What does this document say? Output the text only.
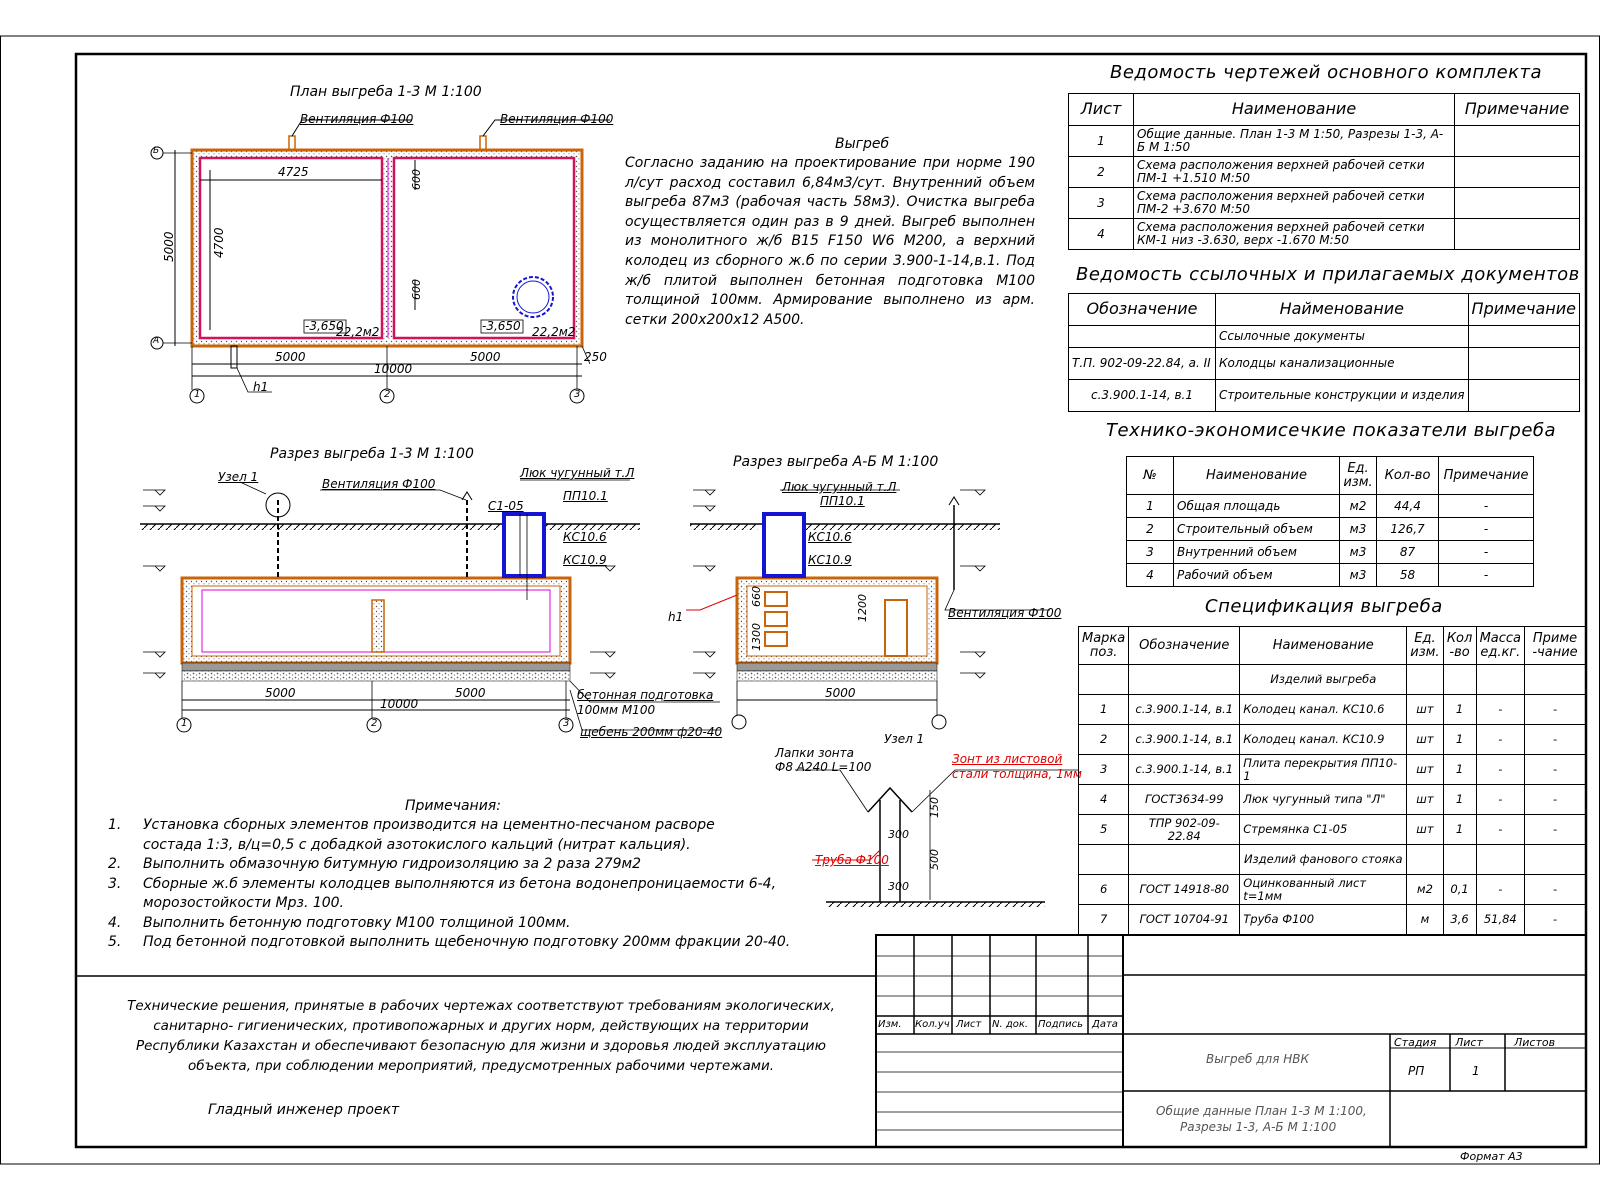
План выгреба 1-3 М 1:100
Вентиляция Ф100	Вентиляция Ф100
4725	600
600
5000	4700
-3,650
22,2м2	-3,650 22,2м2
5000	5000
10000
250
1	2	3
Б
А
h1
Выгреб
Согласно заданию на проектирование при норме 190 л/сут расход составил 6,84м3/сут. Внутренний объем выгреба 87м3 (рабочая часть 58м3). Очистка выгреба осуществляется один раз в 9 дней. Выгреб выполнен из монолитного ж/б В15 F150 W6 М200, а верхний колодец из сборного ж.б по серии 3.900-1-14,в.1. Под ж/б плитой выполнен бетонная подготовка М100 толщиной 100мм. Армирование выполнено из арм. сетки 200х200х12 А500.
Разрез выгреба 1-3 М 1:100
Узел 1	Вентиляция Ф100
Люк чугунный т.Л
ПП10.1
С1-05
КС10.6
КС10.9
5000	5000
10000
бетонная подготовка
100мм М100
щебень 200мм ф20-40
1	2	3
Разрез выгреба А-Б М 1:100
Люк чугунный т.Л
ПП10.1
КС10.6
КС10.9
Вентиляция Ф100
5000
h1
1300
1200
660
Узел 1
Лапки зонта
Ф8 А240 L=100
Зонт из листовой
стали толщина, 1мм
Труба Ф100
150
300
500
300
Примечания:
1.	Установка сборных элементов производится на цементно-песчаном расворе
состада 1:3, в/ц=0,5 с добадкой азотокислого кальций (нитрат кальция).
2.	Выполнить обмазочную битумную гидроизоляцию за 2 раза 279м2
3.	Сборные ж.б элементы колодцев выполняются из бетона водонепроницаемости 6-4,
морозостойкости Мрз. 100.
4.	Выполнить бетонную подготовку М100 толщиной 100мм.
5.	Под бетонной подготовкой выполнить щебеночную подготовку 200мм фракции 20-40.
Технические решения, принятые в рабочих чертежах соответствуют требованиям экологических,
санитарно- гигиенических, противопожарных и других норм, действующих на территории
Республики Казахстан и обеспечивают безопасную для жизни и здоровья людей эксплуатацию
объекта, при соблюдении мероприятий, предусмотренных рабочими чертежами.
Гладный инженер проект
Ведомость чертежей основного комплекта
Лист	Наименование	Примечание
1	Общие данные. План 1-3 М 1:50, Разрезы 1-3, А-Б М 1:50	
2	Схема расположения верхней рабочей сетки ПМ-1 +1.510 М:50	
3	Схема расположения верхней рабочей сетки ПМ-2 +3.670 М:50	
4	Схема расположения верхней рабочей сетки КМ-1 низ -3.630, верх -1.670 М:50	
Ведомость ссылочных и прилагаемых документов
Обозначение	Найменование	Примечание
	Ссылочные документы	
Т.П. 902-09-22.84, а. II	Колодцы канализационные	
с.3.900.1-14, в.1	Строительные конструкции и изделия	
Технико-экономисечкие показатели выгреба
№	Наименование	Ед. изм.	Кол-во	Примечание
1	Общая площадь	м2	44,4	-
2	Строительный объем	м3	126,7	-
3	Внутренний объем	м3	87	-
4	Рабочий объем	м3	58	-
Спецификация выгреба
Марка поз.	Обозначение	Наименование	Ед. изм.	Кол -во	Масса ед.кг.	Приме -чание
		Изделий выгреба				
1	с.3.900.1-14, в.1	Колодец канал. КС10.6	шт	1	-	-
2	с.3.900.1-14, в.1	Колодец канал. КС10.9	шт	1	-	-
3	с.3.900.1-14, в.1	Плита перекрытия ПП10-1	шт	1	-	-
4	ГОСТ3634-99	Люк чугунный типа "Л"	шт	1	-	-
5	ТПР 902-09-22.84	Стремянка С1-05	шт	1	-	-
		Изделий фанового стояка				
6	ГОСТ 14918-80	Оцинкованный лист t=1мм	м2	0,1	-	-
7	ГОСТ 10704-91	Труба Ф100	м	3,6	51,84	-
Изм. Кол.уч Лист N. док. Подпись Дата
Выгреб для НВК
Стадия Лист	Листов
РП	1
Общие данные План 1-3 М 1:100,
Разрезы 1-3, А-Б М 1:100
Формат А3
